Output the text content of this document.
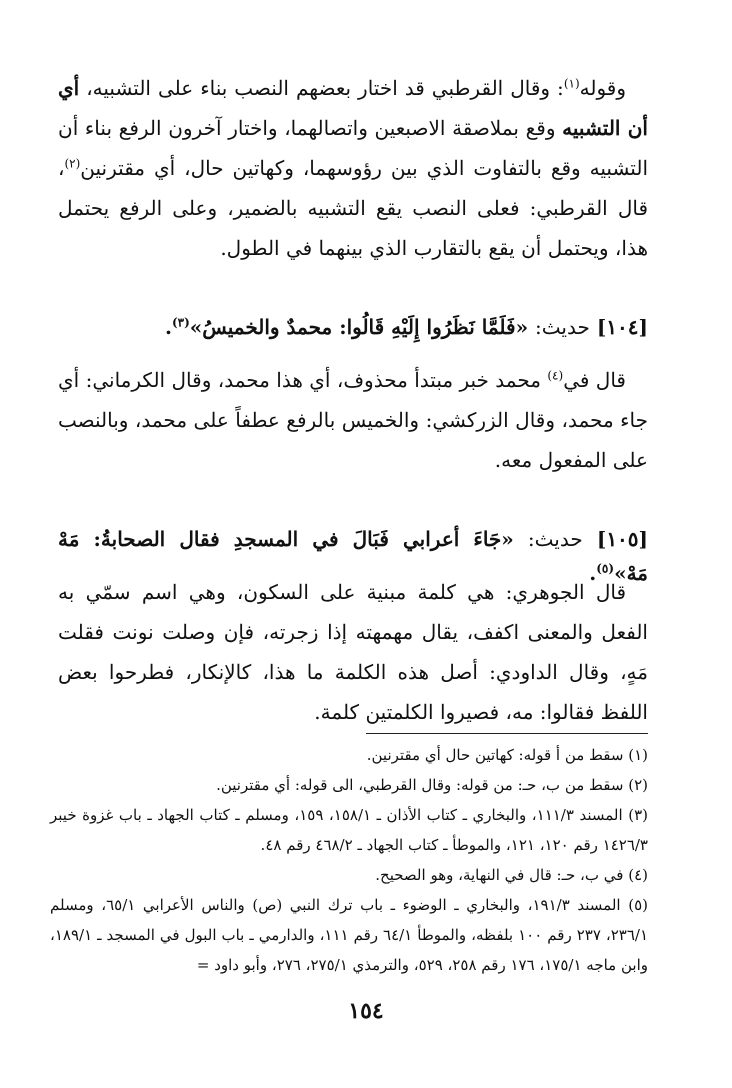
وقوله$^{(١)}$: وقال القرطبي قد اختار بعضهم النصب بناء على التشبيه، أي أن التشبيه وقع بملاصقة الاصبعين واتصالهما، واختار آخرون الرفع بناء أن التشبيه وقع بالتفاوت الذي بين رؤوسهما، وكهاتين حال، أي مقترنين$^{(٢)}$، قال القرطبي: فعلى النصب يقع التشبيه بالضمير، وعلى الرفع يحتمل هذا، ويحتمل أن يقع بالتقارب الذي بينهما في الطول.

[١٠٤] حديث: «فَلَمَّا نَظَرُوا إِلَيْهِ قَالُوا: محمدٌ والخميسُ»$^{(٣)}$.

قال في$^{(٤)}$ محمد خبر مبتدأ محذوف، أي هذا محمد، وقال الكرماني: أي جاء محمد، وقال الزركشي: والخميس بالرفع عطفاً على محمد، وبالنصب على المفعول معه.

[١٠٥] حديث: «جَاءَ أعرابي فَبَالَ في المسجدِ فقال الصحابةُ: مَهْ مَهْ»$^{(٥)}$.

قال الجوهري: هي كلمة مبنية على السكون، وهي اسم سمّي به الفعل والمعنى اكفف، يقال مهمهته إذا زجرته، فإن وصلت نونت فقلت مَهٍ، وقال الداودي: أصل هذه الكلمة ما هذا، كالإنكار، فطرحوا بعض اللفظ فقالوا: مه، فصيروا الكلمتين كلمة.

(١) سقط من أ قوله: كهاتين حال أي مقترنين.

(٢) سقط من ب، حـ: من قوله: وقال القرطبي، الى قوله: أي مقترنين.

(٣) المسند ١١١/٣، والبخاري ـ كتاب الأذان ـ ١٥٨/١، ١٥٩، ومسلم ـ كتاب الجهاد ـ باب غزوة خيبر ١٤٢٦/٣ رقم ١٢٠، ١٢١، والموطأ ـ كتاب الجهاد ـ ٤٦٨/٢ رقم ٤٨.

(٤) في ب، حـ: قال في النهاية، وهو الصحيح.

(٥) المسند ١٩١/٣، والبخاري ـ الوضوء ـ باب ترك النبي (ص) والناس الأعرابي ٦٥/١، ومسلم ٢٣٦/١، ٢٣٧ رقم ١٠٠ بلفظه، والموطأ ٦٤/١ رقم ١١١، والدارمي ـ باب البول في المسجد ـ ١٨٩/١، وابن ماجه ١٧٥/١، ١٧٦ رقم ٢٥٨، ٥٢٩، والترمذي ٢٧٥/١، ٢٧٦، وأبو داود =

١٥٤
